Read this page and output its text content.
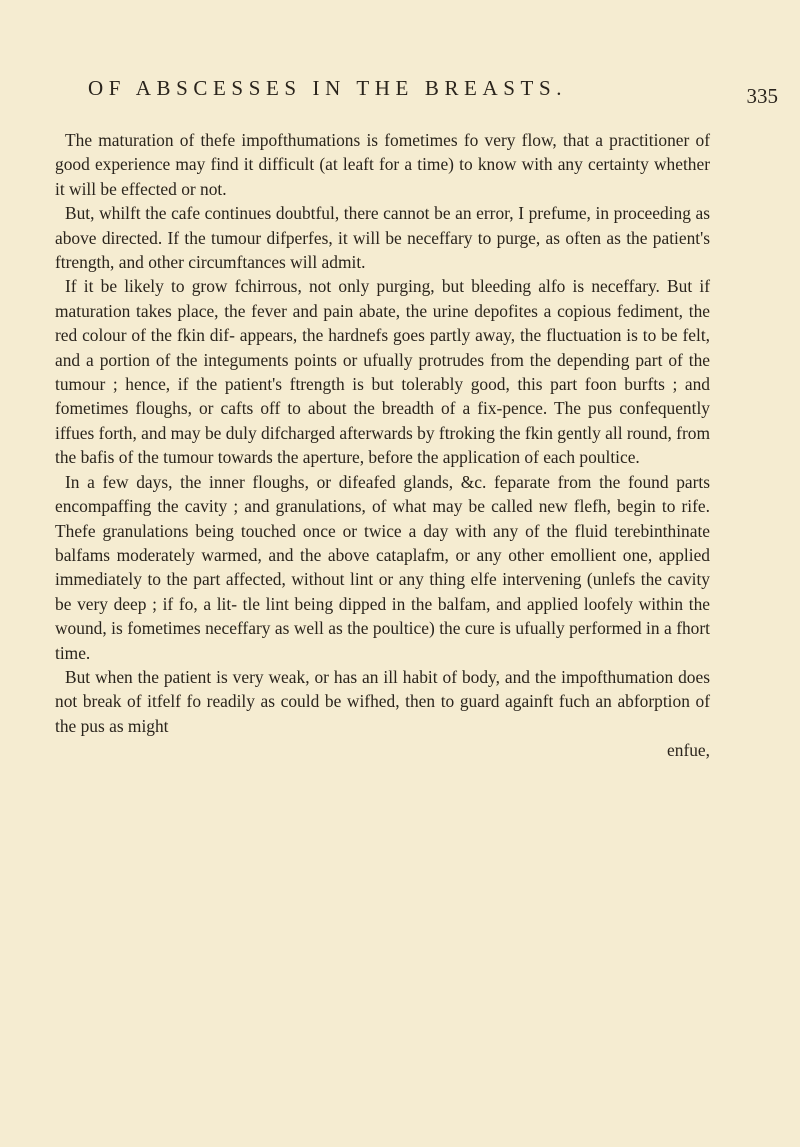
OF ABSCESSES IN THE BREASTS.	335

The maturation of thefe impofthumations is fometimes fo very flow, that a practitioner of good experience may find it difficult (at leaft for a time) to know with any certainty whether it will be effected or not.

But, whilft the cafe continues doubtful, there cannot be an error, I prefume, in proceeding as above directed. If the tumour difperfes, it will be neceffary to purge, as often as the patient's ftrength, and other circumftances will admit.

If it be likely to grow fchirrous, not only purging, but bleeding alfo is neceffary. But if maturation takes place, the fever and pain abate, the urine depofites a copious fediment, the red colour of the fkin dif- appears, the hardnefs goes partly away, the fluctuation is to be felt, and a portion of the integuments points or ufually protrudes from the depending part of the tumour ; hence, if the patient's ftrength is but tolerably good, this part foon burfts ; and fometimes floughs, or cafts off to about the breadth of a fix-pence. The pus confequently iffues forth, and may be duly difcharged afterwards by ftroking the fkin gently all round, from the bafis of the tumour towards the aperture, before the application of each poultice.

In a few days, the inner floughs, or difeafed glands, &c. feparate from the found parts encompaffing the cavity ; and granulations, of what may be called new flefh, begin to rife. Thefe granulations being touched once or twice a day with any of the fluid terebinthinate balfams moderately warmed, and the above cataplafm, or any other emollient one, applied immediately to the part affected, without lint or any thing elfe intervening (unlefs the cavity be very deep ; if fo, a lit- tle lint being dipped in the balfam, and applied loofely within the wound, is fometimes neceffary as well as the poultice) the cure is ufually performed in a fhort time.

But when the patient is very weak, or has an ill habit of body, and the impofthumation does not break of itfelf fo readily as could be wifhed, then to guard againft fuch an abforption of the pus as might

enfue,
